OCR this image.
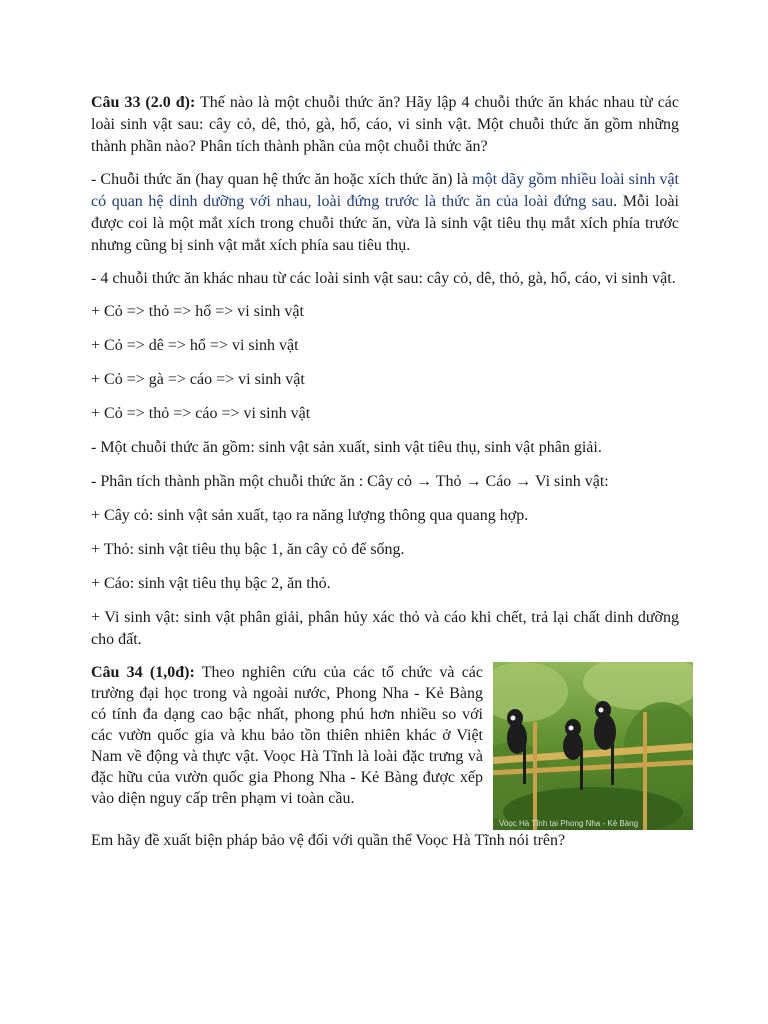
Câu 33 (2.0 đ): Thế nào là một chuỗi thức ăn? Hãy lập 4 chuỗi thức ăn khác nhau từ các loài sinh vật sau: cây cỏ, dê, thỏ, gà, hổ, cáo, vi sinh vật. Một chuỗi thức ăn gồm những thành phần nào? Phân tích thành phần của một chuỗi thức ăn?

- Chuỗi thức ăn (hay quan hệ thức ăn hoặc xích thức ăn) là một dãy gồm nhiều loài sinh vật có quan hệ dinh dưỡng với nhau, loài đứng trước là thức ăn của loài đứng sau. Mỗi loài được coi là một mắt xích trong chuỗi thức ăn, vừa là sinh vật tiêu thụ mắt xích phía trước nhưng cũng bị sinh vật mắt xích phía sau tiêu thụ.

- 4 chuỗi thức ăn khác nhau từ các loài sinh vật sau: cây cỏ, dê, thỏ, gà, hổ, cáo, vi sinh vật.

+ Cỏ => thỏ => hổ => vi sinh vật

+ Cỏ => dê => hổ => vi sinh vật

+ Cỏ => gà => cáo => vi sinh vật

+ Cỏ => thỏ => cáo => vi sinh vật

- Một chuỗi thức ăn gồm: sinh vật sản xuất, sinh vật tiêu thụ, sinh vật phân giải.

- Phân tích thành phần một chuỗi thức ăn : Cây cỏ → Thỏ → Cáo → Vi sinh vật:

+ Cây cỏ: sinh vật sản xuất, tạo ra năng lượng thông qua quang hợp.

+ Thỏ: sinh vật tiêu thụ bậc 1, ăn cây cỏ để sống.

+ Cáo: sinh vật tiêu thụ bậc 2, ăn thỏ.

+ Vi sinh vật: sinh vật phân giải, phân hủy xác thỏ và cáo khi chết, trả lại chất dinh dưỡng cho đất.

Câu 34 (1,0đ): Theo nghiên cứu của các tổ chức và các trường đại học trong và ngoài nước, Phong Nha - Kẻ Bàng có tính đa dạng cao bậc nhất, phong phú hơn nhiều so với các vườn quốc gia và khu bảo tồn thiên nhiên khác ở Việt Nam về động và thực vật. Voọc Hà Tĩnh là loài đặc trưng và đặc hữu của vườn quốc gia Phong Nha - Kẻ Bàng được xếp vào diện nguy cấp trên phạm vi toàn cầu.

Voọc Hà Tĩnh tại Phong Nha - Kẻ Bàng

Em hãy đề xuất biện pháp bảo vệ đối với quần thể Voọc Hà Tĩnh nói trên?
